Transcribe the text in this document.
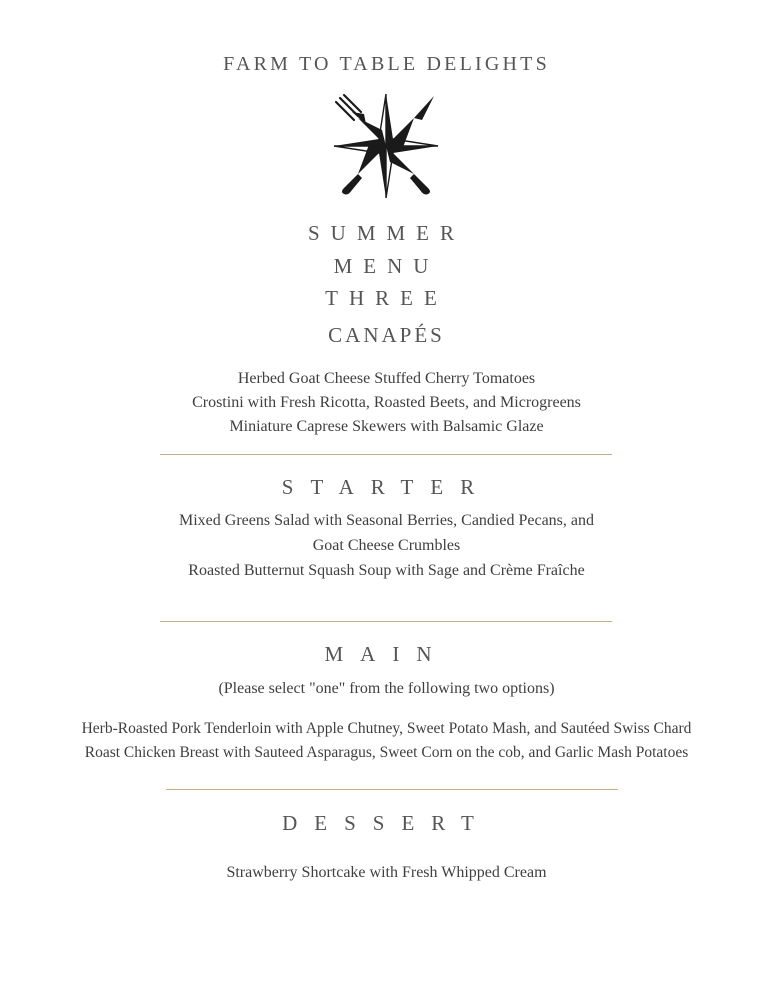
FARM TO TABLE DELIGHTS
SUMMER
MENU
THREE
CANAPÉS
Herbed Goat Cheese Stuffed Cherry Tomatoes
Crostini with Fresh Ricotta, Roasted Beets, and Microgreens
Miniature Caprese Skewers with Balsamic Glaze
STARTER
Mixed Greens Salad with Seasonal Berries, Candied Pecans, and
Goat Cheese Crumbles
Roasted Butternut Squash Soup with Sage and Crème Fraîche
MAIN
(Please select "one" from the following two options)
Herb-Roasted Pork Tenderloin with Apple Chutney, Sweet Potato Mash, and Sautéed Swiss Chard
Roast Chicken Breast with Sauteed Asparagus, Sweet Corn on the cob, and Garlic Mash Potatoes
DESSERT
Strawberry Shortcake with Fresh Whipped Cream
